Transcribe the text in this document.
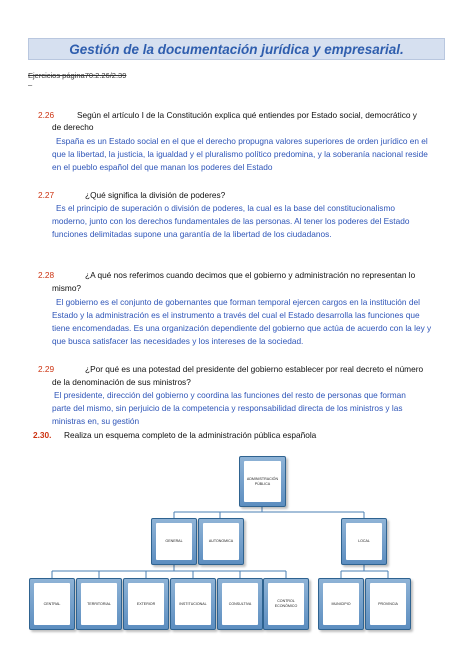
Gestión de la documentación jurídica y empresarial.
Ejercicios página70:2.26/2.39
–
2.26	Según el artículo I de la Constitución explica qué entiendes por Estado social, democrático y
de derecho
España es un Estado social en el que el derecho propugna valores superiores de orden jurídico en el
que la libertad, la justicia, la igualdad y el pluralismo político predomina, y la soberanía nacional reside
en el pueblo español del que manan los poderes del Estado
2.27	¿Qué significa la división de poderes?
Es el principio de superación o división de poderes, la cual es la base del constitucionalismo
moderno, junto con los derechos fundamentales de las personas. Al tener los poderes del Estado
funciones delimitadas supone una garantía de la libertad de los ciudadanos.
2.28	¿A qué nos referimos cuando decimos que el gobierno y administración no representan lo
mismo?
El gobierno es el conjunto de gobernantes que forman temporal ejercen cargos en la institución del
Estado y la administración es el instrumento a través del cual el Estado desarrolla las funciones que
tiene encomendadas. Es una organización dependiente del gobierno que actúa de acuerdo con la ley y
que busca satisfacer las necesidades y los intereses de la sociedad.
2.29	¿Por qué es una potestad del presidente del gobierno establecer por real decreto el número
de la denominación de sus ministros?
El presidente, dirección del gobierno y coordina las funciones del resto de personas que forman
parte del mismo, sin perjuicio de la competencia y responsabilidad directa de los ministros y las
ministras en, su gestión
2.30. Realiza un esquema completo de la administración pública española
ADMINISTRACIÓN PÚBLICA
GENERAL	AUTONOMICA	LOCAL
CENTRAL	TERRITORIAL	EXTERIOR	INSTITUCIONAL	CONSULTIVA
CONTROL ECONÓMICO
MUNICIPIO	PROVINCIA
